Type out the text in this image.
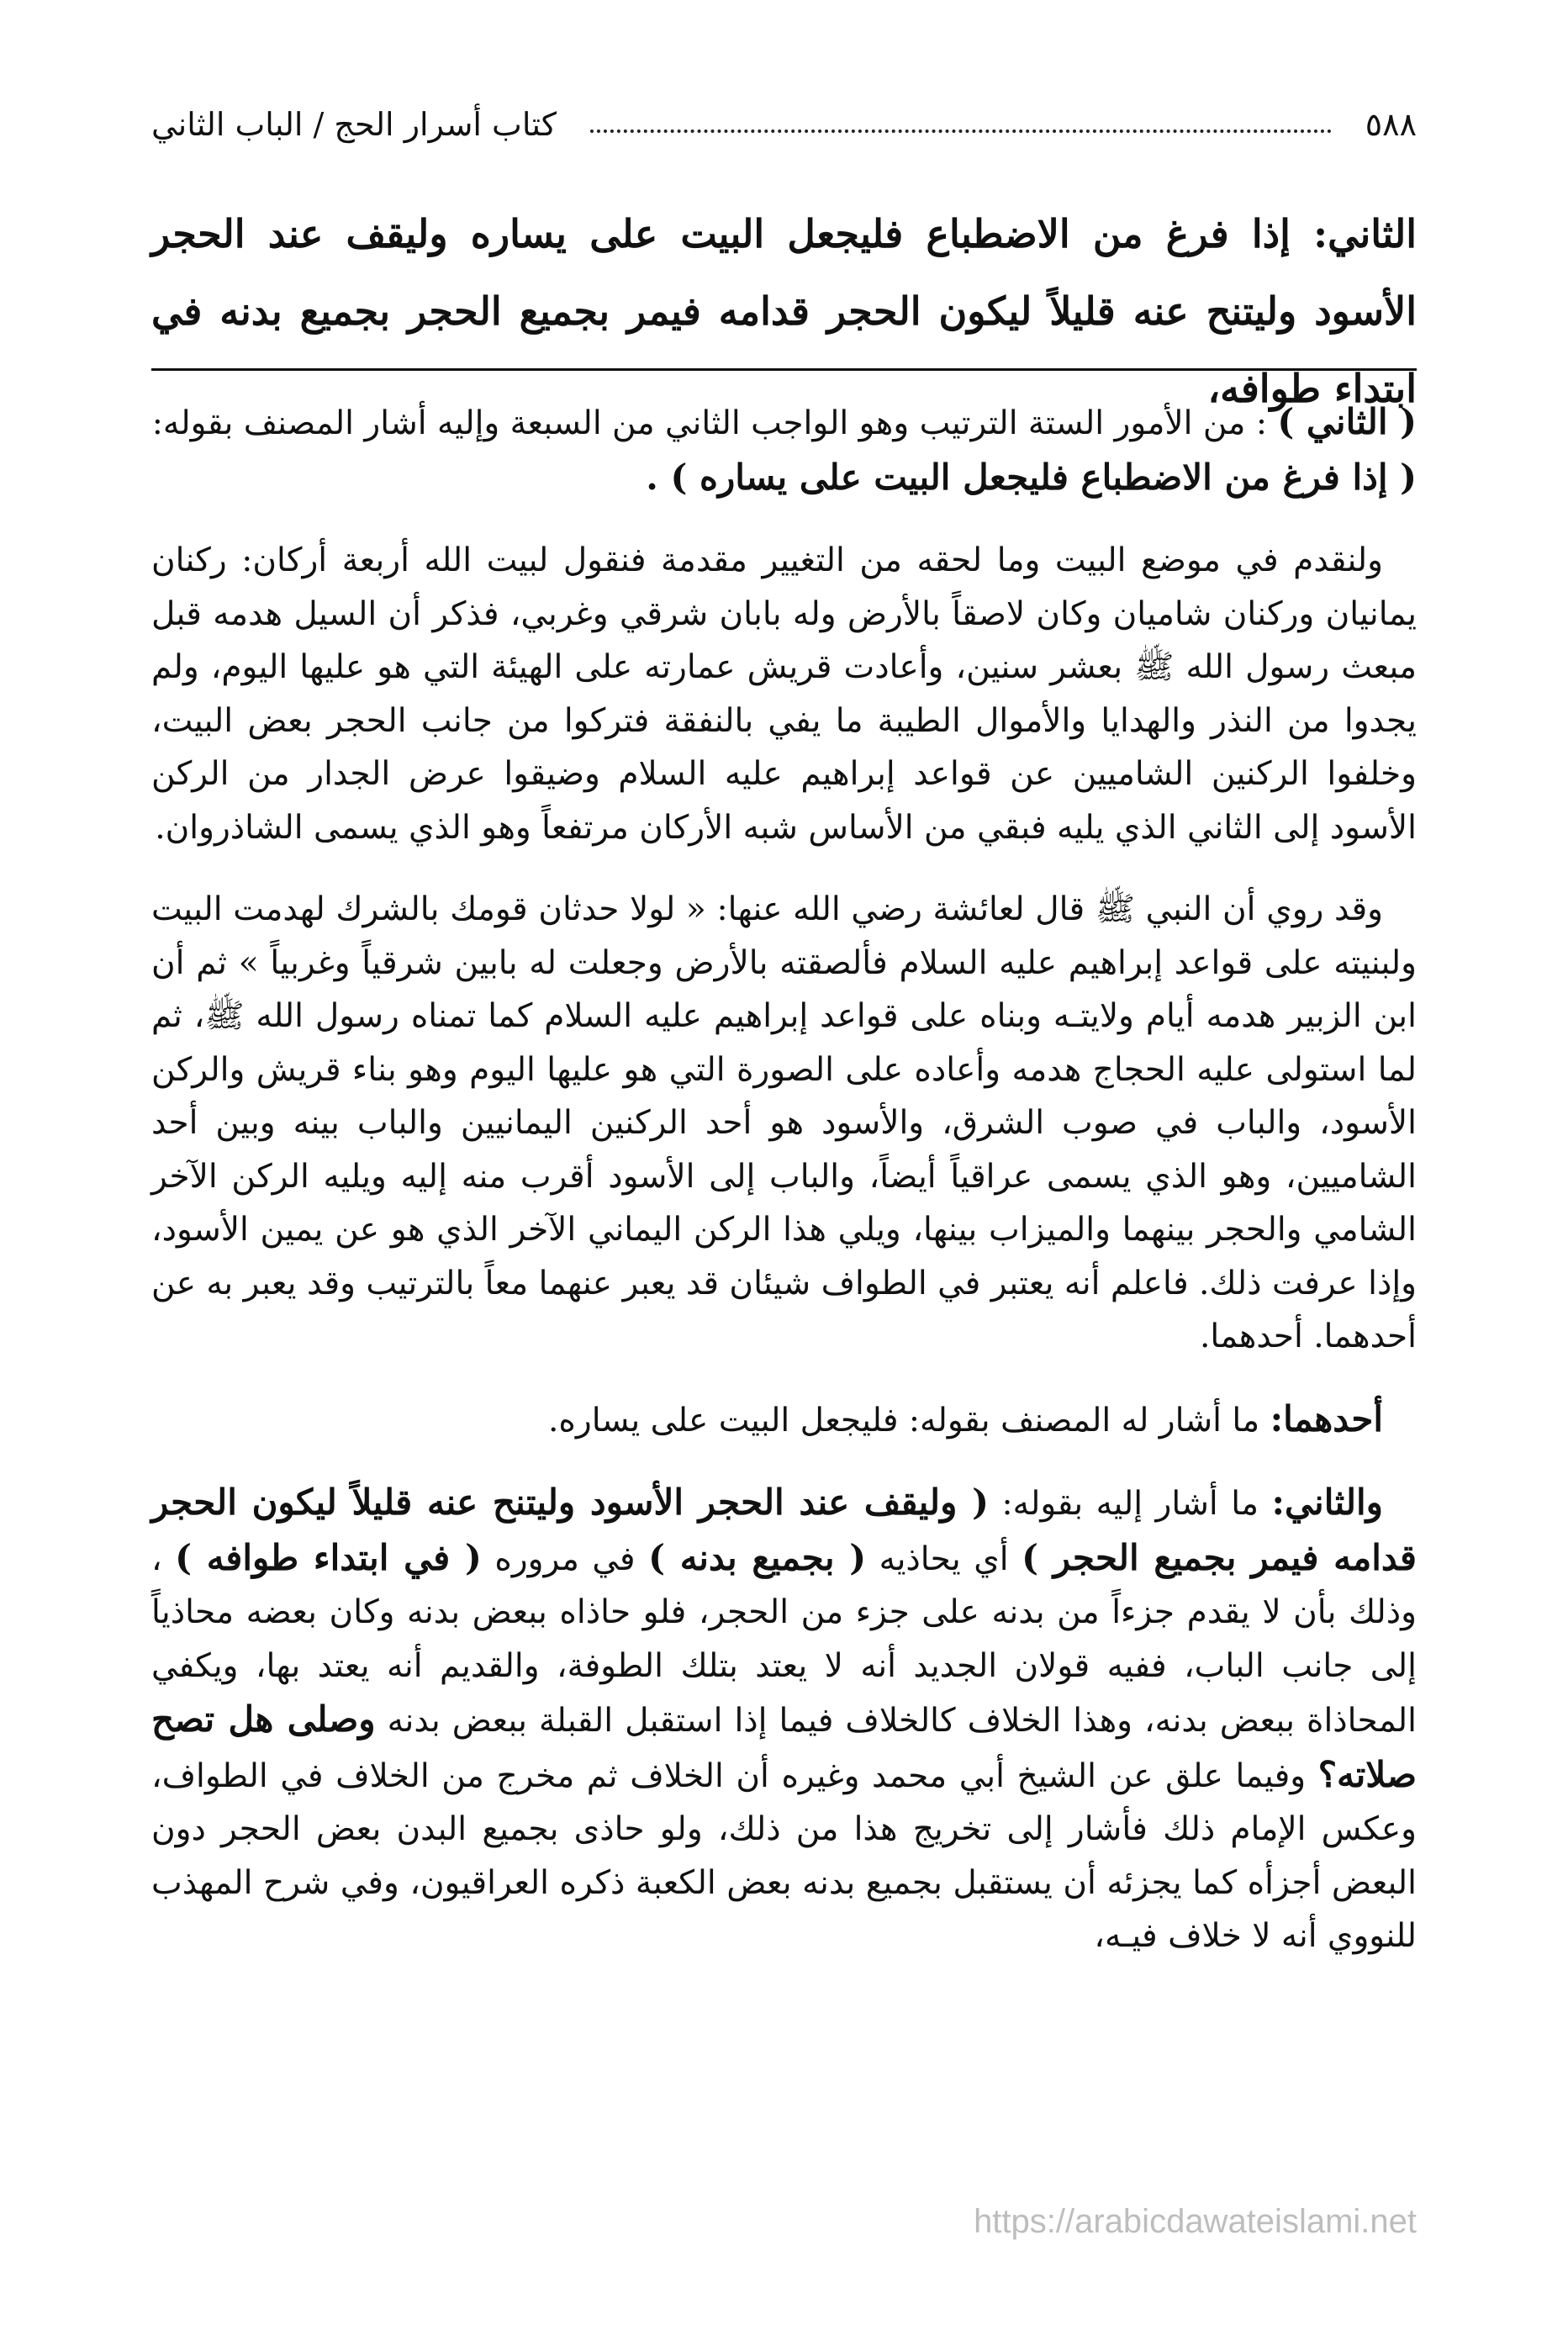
٥٨٨
كتاب أسرار الحج / الباب الثاني
الثاني: إذا فرغ من الاضطباع فليجعل البيت على يساره وليقف عند الحجر الأسود وليتنح عنه قليلاً ليكون الحجر قدامه فيمر بجميع الحجر بجميع بدنه في ابتداء طوافه،

( الثاني ) : من الأمور الستة الترتيب وهو الواجب الثاني من السبعة وإليه أشار المصنف بقوله:
( إذا فرغ من الاضطباع فليجعل البيت على يساره ) .

ولنقدم في موضع البيت وما لحقه من التغيير مقدمة فنقول لبيت الله أربعة أركان: ركنان يمانيان وركنان شاميان وكان لاصقاً بالأرض وله بابان شرقي وغربي، فذكر أن السيل هدمه قبل مبعث رسول الله ﷺ بعشر سنين، وأعادت قريش عمارته على الهيئة التي هو عليها اليوم، ولم يجدوا من النذر والهدايا والأموال الطيبة ما يفي بالنفقة فتركوا من جانب الحجر بعض البيت، وخلفوا الركنين الشاميين عن قواعد إبراهيم عليه السلام وضيقوا عرض الجدار من الركن الأسود إلى الثاني الذي يليه فبقي من الأساس شبه الأركان مرتفعاً وهو الذي يسمى الشاذروان.

وقد روي أن النبي ﷺ قال لعائشة رضي الله عنها: « لولا حدثان قومك بالشرك لهدمت البيت ولبنيته على قواعد إبراهيم عليه السلام فألصقته بالأرض وجعلت له بابين شرقياً وغربياً » ثم أن ابن الزبير هدمه أيام ولايتـه وبناه على قواعد إبراهيم عليه السلام كما تمناه رسول الله ﷺ، ثم لما استولى عليه الحجاج هدمه وأعاده على الصورة التي هو عليها اليوم وهو بناء قريش والركن الأسود، والباب في صوب الشرق، والأسود هو أحد الركنين اليمانيين والباب بينه وبين أحد الشاميين، وهو الذي يسمى عراقياً أيضاً، والباب إلى الأسود أقرب منه إليه ويليه الركن الآخر الشامي والحجر بينهما والميزاب بينها، ويلي هذا الركن اليماني الآخر الذي هو عن يمين الأسود، وإذا عرفت ذلك. فاعلم أنه يعتبر في الطواف شيئان قد يعبر عنهما معاً بالترتيب وقد يعبر به عن أحدهما. أحدهما.

أحدهما: ما أشار له المصنف بقوله: فليجعل البيت على يساره.

والثاني: ما أشار إليه بقوله: ( وليقف عند الحجر الأسود وليتنح عنه قليلاً ليكون الحجر قدامه فيمر بجميع الحجر ) أي يحاذيه ( بجميع بدنه ) في مروره ( في ابتداء طوافه ) ، وذلك بأن لا يقدم جزءاً من بدنه على جزء من الحجر، فلو حاذاه ببعض بدنه وكان بعضه محاذياً إلى جانب الباب، ففيه قولان الجديد أنه لا يعتد بتلك الطوفة، والقديم أنه يعتد بها، ويكفي المحاذاة ببعض بدنه، وهذا الخلاف كالخلاف فيما إذا استقبل القبلة ببعض بدنه وصلى هل تصح صلاته؟ وفيما علق عن الشيخ أبي محمد وغيره أن الخلاف ثم مخرج من الخلاف في الطواف، وعكس الإمام ذلك فأشار إلى تخريج هذا من ذلك، ولو حاذى بجميع البدن بعض الحجر دون البعض أجزأه كما يجزئه أن يستقبل بجميع بدنه بعض الكعبة ذكره العراقيون، وفي شرح المهذب للنووي أنه لا خلاف فيـه،

https://arabicdawateislami.net
